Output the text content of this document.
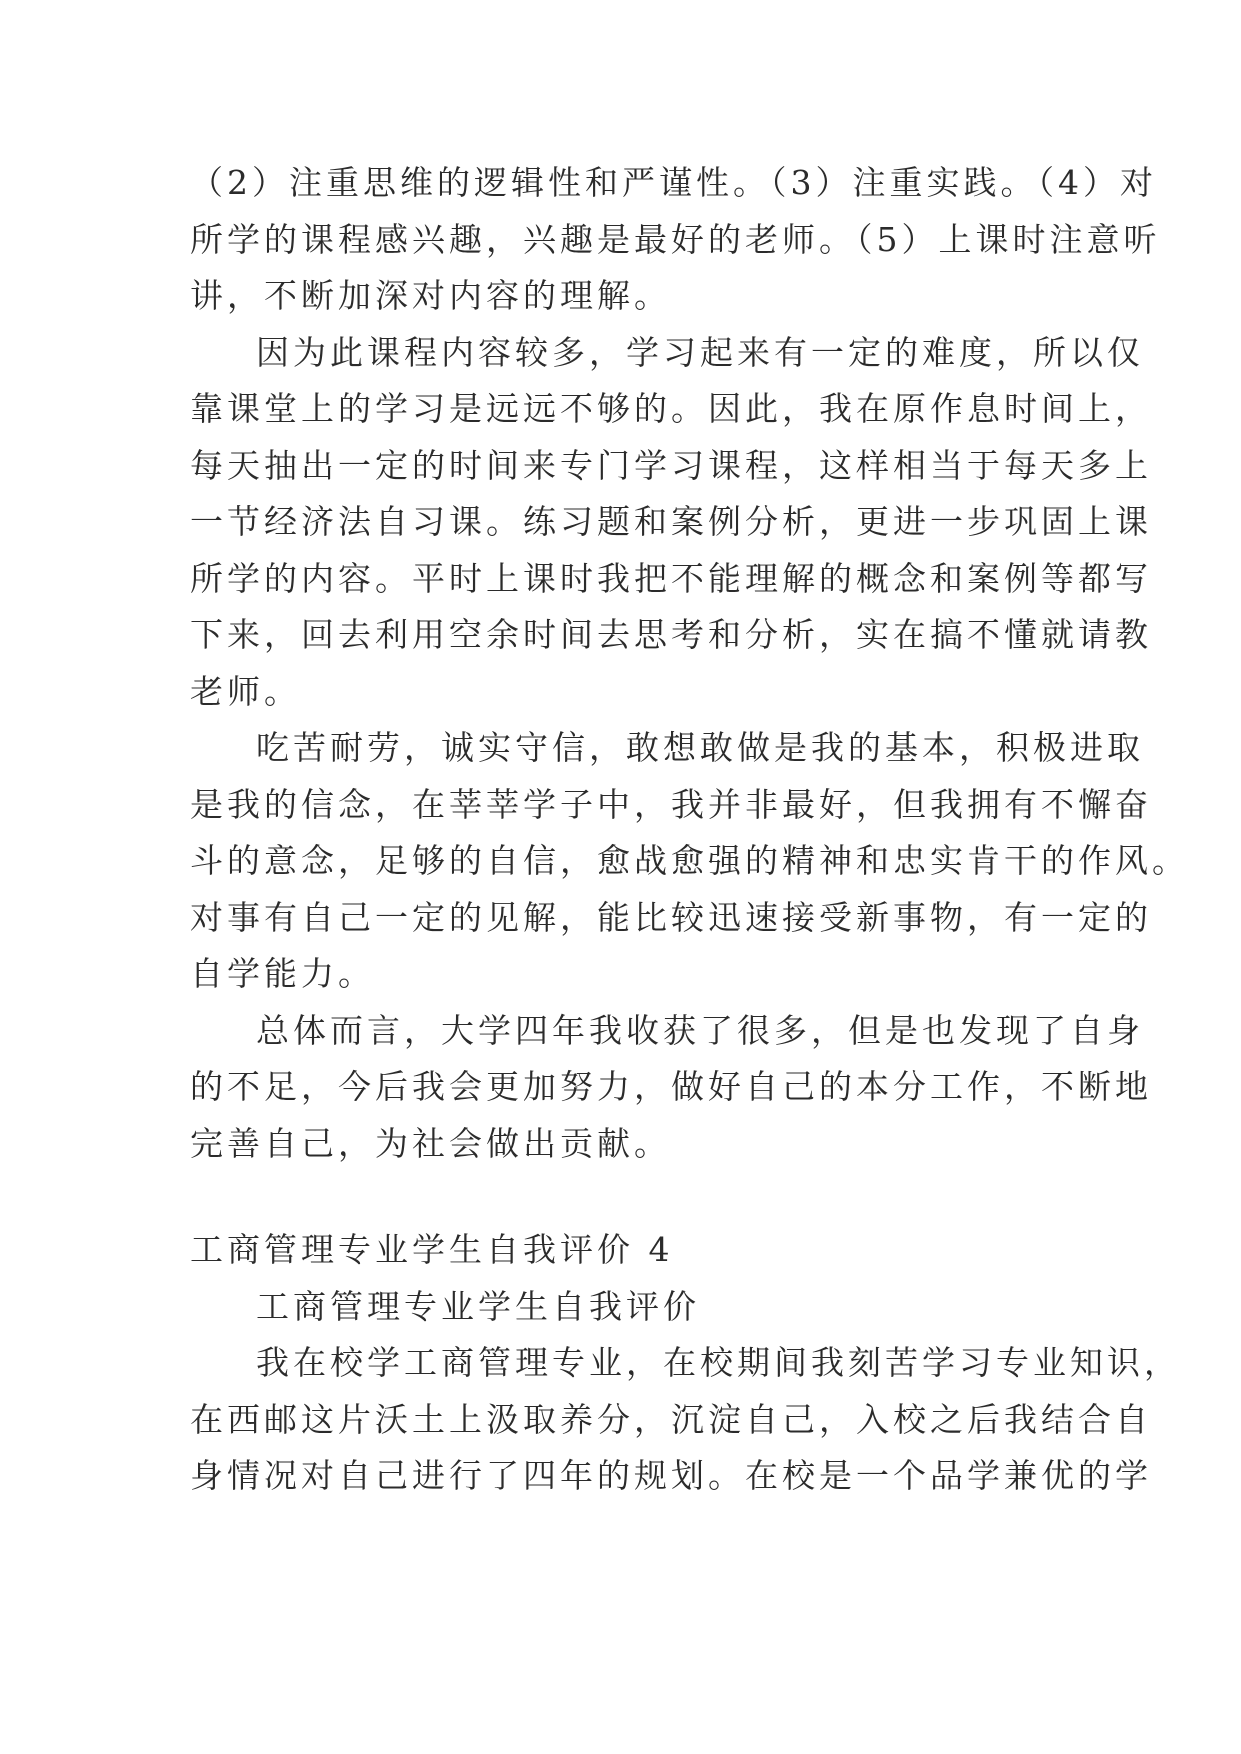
（2）注重思维的逻辑性和严谨性。（3）注重实践。（4）对
所学的课程感兴趣，兴趣是最好的老师。（5）上课时注意听
讲，不断加深对内容的理解。
因为此课程内容较多，学习起来有一定的难度，所以仅
靠课堂上的学习是远远不够的。因此，我在原作息时间上，
每天抽出一定的时间来专门学习课程，这样相当于每天多上
一节经济法自习课。练习题和案例分析，更进一步巩固上课
所学的内容。平时上课时我把不能理解的概念和案例等都写
下来，回去利用空余时间去思考和分析，实在搞不懂就请教
老师。
吃苦耐劳，诚实守信，敢想敢做是我的基本，积极进取
是我的信念，在莘莘学子中，我并非最好，但我拥有不懈奋
斗的意念，足够的自信，愈战愈强的精神和忠实肯干的作风。
对事有自己一定的见解，能比较迅速接受新事物，有一定的
自学能力。
总体而言，大学四年我收获了很多，但是也发现了自身
的不足，今后我会更加努力，做好自己的本分工作，不断地
完善自己，为社会做出贡献。
工商管理专业学生自我评价 4
工商管理专业学生自我评价
我在校学工商管理专业，在校期间我刻苦学习专业知识，
在西邮这片沃土上汲取养分，沉淀自己，入校之后我结合自
身情况对自己进行了四年的规划。在校是一个品学兼优的学
